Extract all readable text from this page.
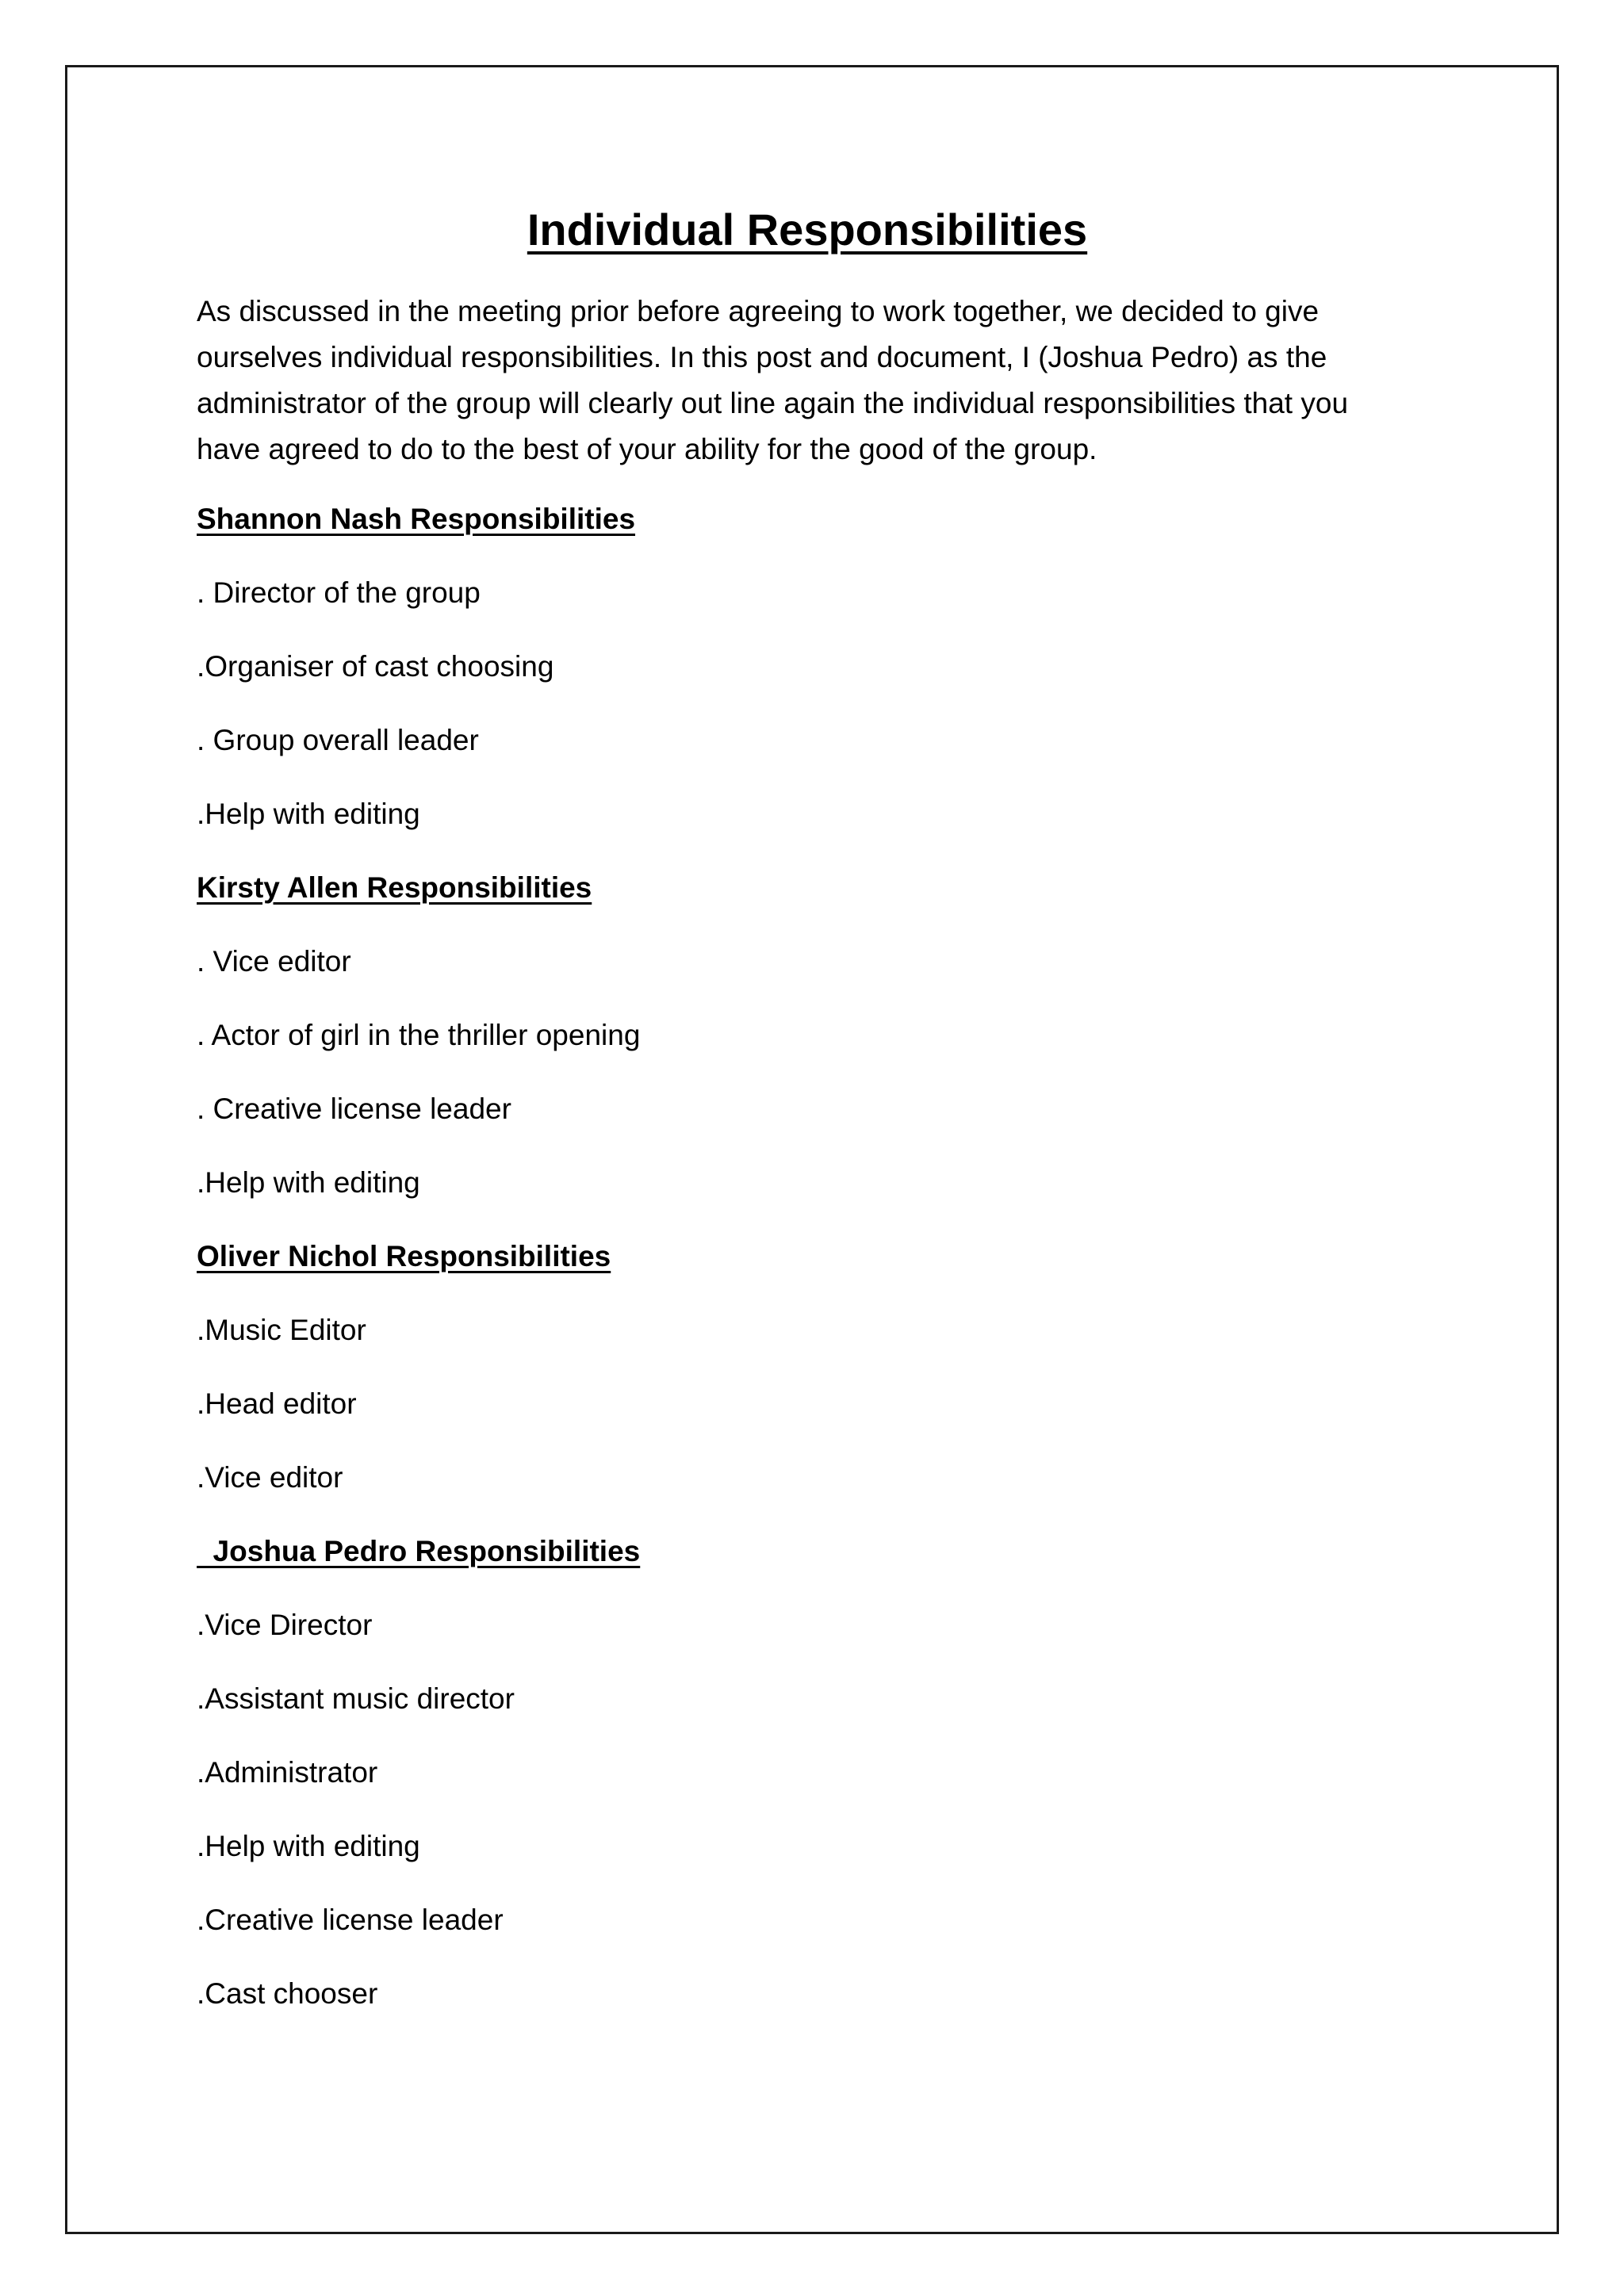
Individual Responsibilities

As discussed in the meeting prior before agreeing to work together, we decided to give ourselves individual responsibilities. In this post and document, I (Joshua Pedro) as the administrator of the group will clearly out line again the individual responsibilities that you have agreed to do to the best of your ability for the good of the group.

Shannon Nash Responsibilities

. Director of the group

.Organiser of cast choosing

. Group overall leader

.Help with editing

Kirsty Allen Responsibilities

. Vice editor

. Actor of girl in the thriller opening

. Creative license leader

.Help with editing

Oliver Nichol Responsibilities

.Music Editor

.Head editor

.Vice editor

Joshua Pedro Responsibilities

.Vice Director

.Assistant music director

.Administrator

.Help with editing

.Creative license leader

.Cast chooser
